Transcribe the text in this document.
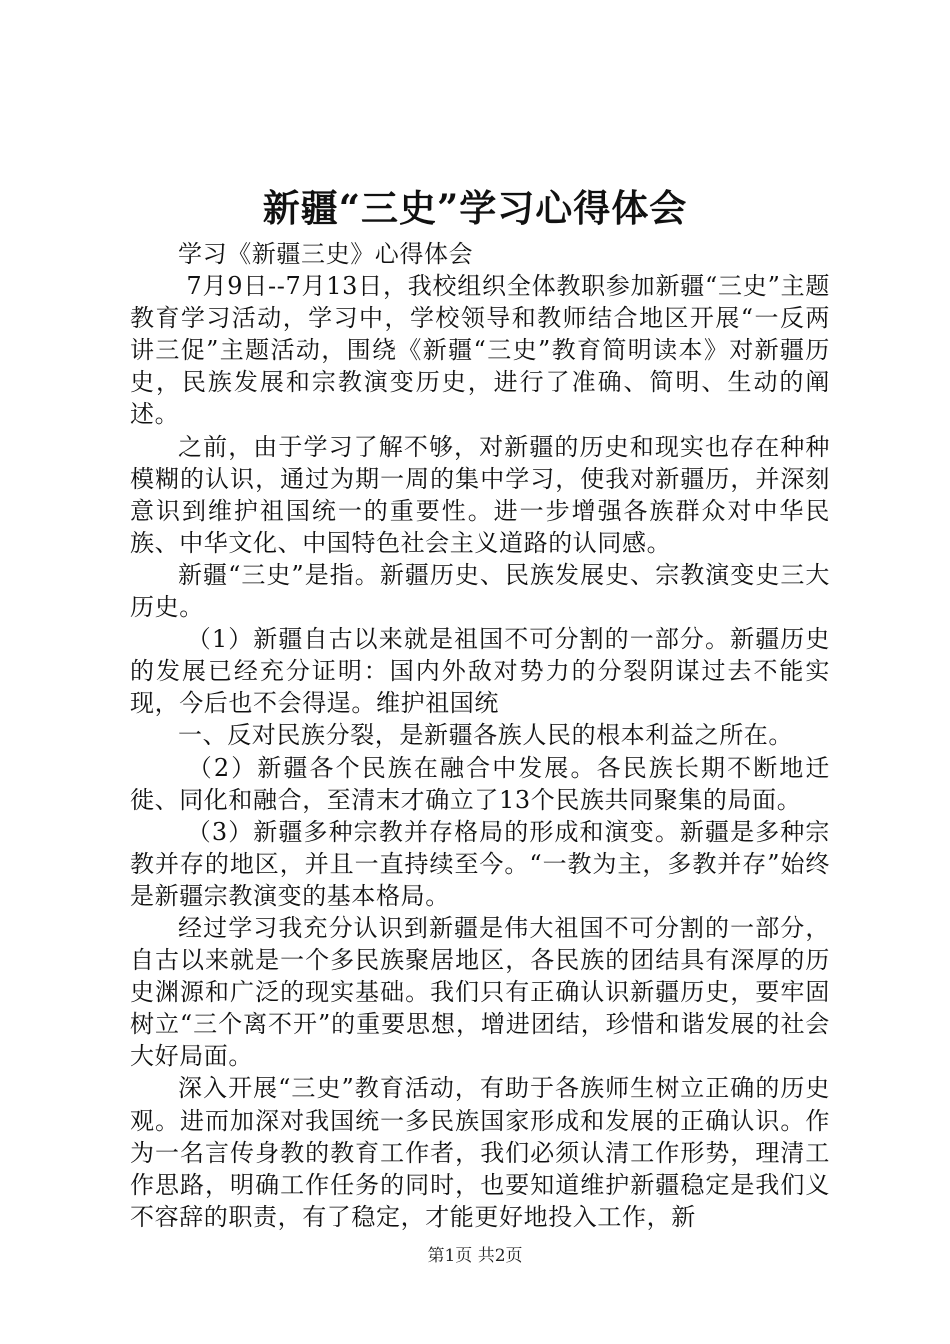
新疆“三史”学习心得体会

学习《新疆三史》心得体会

7月9日--7月13日，我校组织全体教职参加新疆“三史”主题教育学习活动，学习中，学校领导和教师结合地区开展“一反两讲三促”主题活动，围绕《新疆“三史”教育简明读本》对新疆历史，民族发展和宗教演变历史，进行了准确、简明、生动的阐述。

之前，由于学习了解不够，对新疆的历史和现实也存在种种模糊的认识，通过为期一周的集中学习，使我对新疆历，并深刻意识到维护祖国统一的重要性。进一步增强各族群众对中华民族、中华文化、中国特色社会主义道路的认同感。

新疆“三史”是指。新疆历史、民族发展史、宗教演变史三大历史。

（1）新疆自古以来就是祖国不可分割的一部分。新疆历史的发展已经充分证明：国内外敌对势力的分裂阴谋过去不能实现，今后也不会得逞。维护祖国统

一、反对民族分裂，是新疆各族人民的根本利益之所在。

（2）新疆各个民族在融合中发展。各民族长期不断地迁徙、同化和融合，至清末才确立了13个民族共同聚集的局面。

（3）新疆多种宗教并存格局的形成和演变。新疆是多种宗教并存的地区，并且一直持续至今。“一教为主，多教并存”始终是新疆宗教演变的基本格局。

经过学习我充分认识到新疆是伟大祖国不可分割的一部分，自古以来就是一个多民族聚居地区，各民族的团结具有深厚的历史渊源和广泛的现实基础。我们只有正确认识新疆历史，要牢固树立“三个离不开”的重要思想，增进团结，珍惜和谐发展的社会大好局面。

深入开展“三史”教育活动，有助于各族师生树立正确的历史观。进而加深对我国统一多民族国家形成和发展的正确认识。作为一名言传身教的教育工作者，我们必须认清工作形势，理清工作思路，明确工作任务的同时，也要知道维护新疆稳定是我们义不容辞的职责，有了稳定，才能更好地投入工作，新

第1页 共2页
